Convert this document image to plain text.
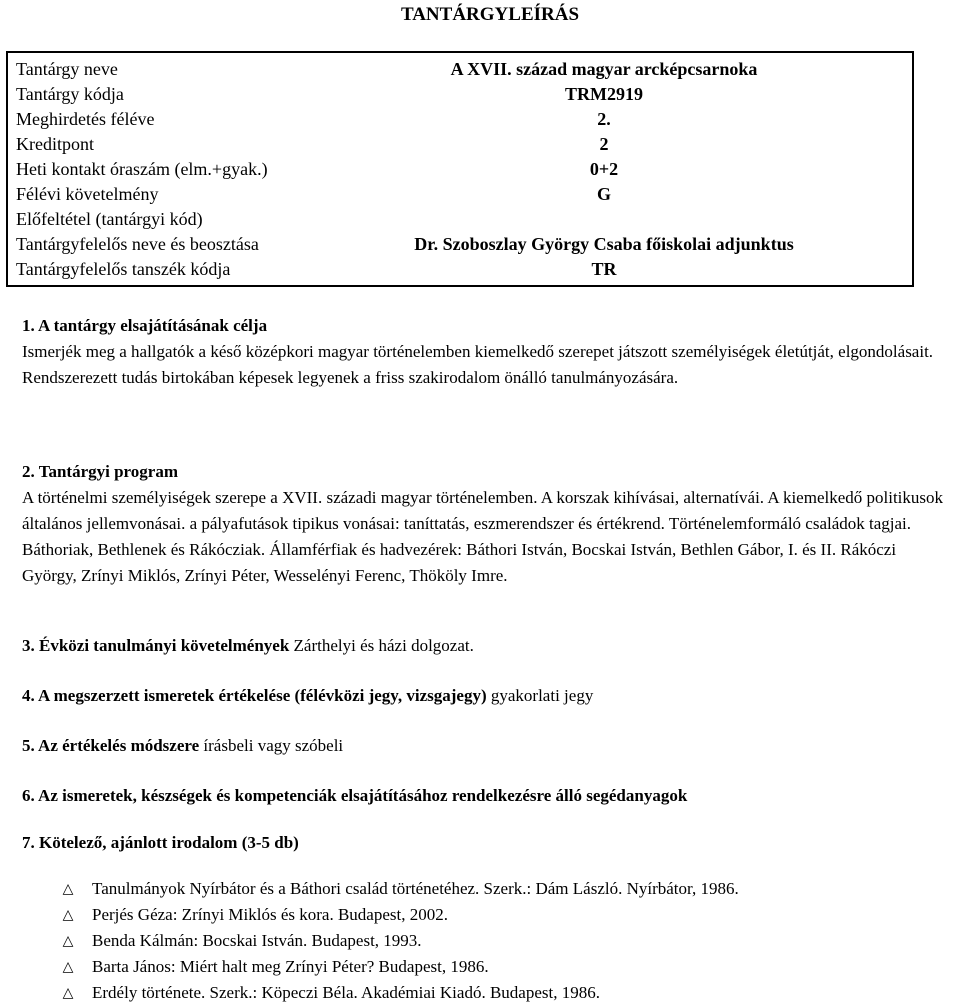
TANTÁRGYLEÍRÁS
Tantárgy neve	A XVII. század magyar arcképcsarnoka
Tantárgy kódja	TRM2919
Meghirdetés féléve	2.
Kreditpont	2
Heti kontakt óraszám (elm.+gyak.)	0+2
Félévi követelmény	G
Előfeltétel (tantárgyi kód)
Tantárgyfelelős neve és beosztása	Dr. Szoboszlay György Csaba főiskolai adjunktus
Tantárgyfelelős tanszék kódja	TR
1. A tantárgy elsajátításának célja
Ismerjék meg a hallgatók a késő középkori magyar történelemben kiemelkedő szerepet játszott személyiségek életútját, elgondolásait. Rendszerezett tudás birtokában képesek legyenek a friss szakirodalom önálló tanulmányozására.
2. Tantárgyi program
A történelmi személyiségek szerepe a XVII. századi magyar történelemben. A korszak kihívásai, alternatívái. A kiemelkedő politikusok általános jellemvonásai. a pályafutások tipikus vonásai: taníttatás, eszmerendszer és értékrend. Történelemformáló családok tagjai. Báthoriak, Bethlenek és Rákócziak. Államférfiak és hadvezérek: Báthori István, Bocskai István, Bethlen Gábor, I. és II. Rákóczi György, Zrínyi Miklós, Zrínyi Péter, Wesselényi Ferenc, Thököly Imre.
3. Évközi tanulmányi követelmények Zárthelyi és házi dolgozat.
4. A megszerzett ismeretek értékelése (félévközi jegy, vizsgajegy) gyakorlati jegy
5. Az értékelés módszere írásbeli vagy szóbeli
6. Az ismeretek, készségek és kompetenciák elsajátításához rendelkezésre álló segédanyagok
7. Kötelező, ajánlott irodalom (3-5 db)
△ Tanulmányok Nyírbátor és a Báthori család történetéhez. Szerk.: Dám László. Nyírbátor, 1986.
△ Perjés Géza: Zrínyi Miklós és kora. Budapest, 2002.
△ Benda Kálmán: Bocskai István. Budapest, 1993.
△ Barta János: Miért halt meg Zrínyi Péter? Budapest, 1986.
△ Erdély története. Szerk.: Köpeczi Béla. Akadémiai Kiadó. Budapest, 1986.
